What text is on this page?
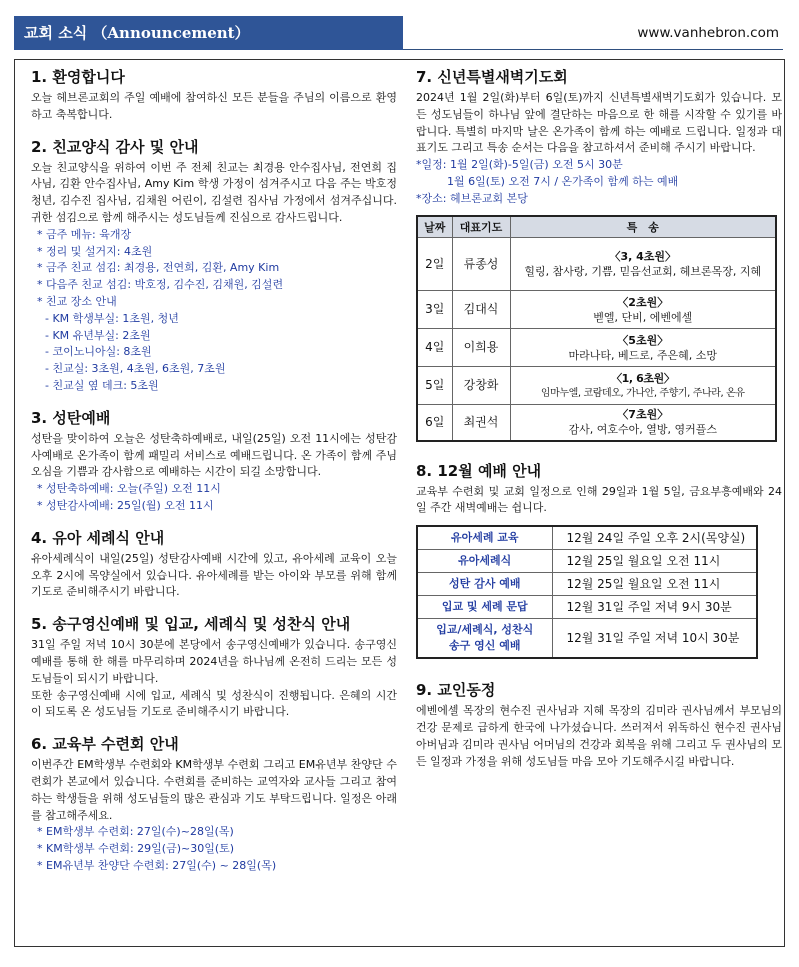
교회 소식 （Announcement）	www.vanhebron.com
1. 환영합니다
오늘 헤브론교회의 주일 예배에 참여하신 모든 분들을 주님의 이름으로 환영하고 축복합니다.
2. 친교양식 감사 및 안내
오늘 친교양식을 위하여 이번 주 전체 친교는 최경용 안수집사님, 전연희 집사님, 김환 안수집사님, Amy Kim 학생 가정이 섬겨주시고 다음 주는 박호정 청년, 김수진 집사님, 김채원 어린이, 김설련 집사님 가정에서 섬겨주십니다. 귀한 섬김으로 함께 해주시는 성도님들께 진심으로 감사드립니다.
* 금주 메뉴: 육개장
* 정리 및 설거지: 4초원
* 금주 친교 섬김: 최경용, 전연희, 김환, Amy Kim
* 다음주 친교 섬김: 박호정, 김수진, 김채원, 김설련
* 친교 장소 안내
- KM 학생부실: 1초원, 청년
- KM 유년부실: 2초원
- 코이노니아실: 8초원
- 친교실: 3초원, 4초원, 6초원, 7초원
- 친교실 옆 데크: 5초원
3. 성탄예배
성탄을 맞이하여 오늘은 성탄축하예배로, 내일(25일) 오전 11시에는 성탄감사예배로 온가족이 함께 패밀리 서비스로 예배드립니다. 온 가족이 함께 주님 오심을 기쁨과 감사함으로 예배하는 시간이 되길 소망합니다.
* 성탄축하예배: 오늘(주일) 오전 11시
* 성탄감사예배: 25일(월) 오전 11시
4. 유아 세례식 안내
유아세례식이 내일(25일) 성탄감사예배 시간에 있고, 유아세례 교육이 오늘 오후 2시에 목양실에서 있습니다. 유아세례를 받는 아이와 부모를 위해 함께 기도로 준비해주시기 바랍니다.
5. 송구영신예배 및 입교, 세례식 및 성찬식 안내
31일 주일 저녁 10시 30분에 본당에서 송구영신예배가 있습니다. 송구영신예배를 통해 한 해를 마무리하며 2024년을 하나님께 온전히 드리는 모든 성도님들이 되시기 바랍니다.
또한 송구영신예배 시에 입교, 세례식 및 성찬식이 진행됩니다. 은혜의 시간이 되도록 온 성도님들 기도로 준비해주시기 바랍니다.
6. 교육부 수련회 안내
이번주간 EM학생부 수련회와 KM학생부 수련회 그리고 EM유년부 찬양단 수련회가 본교에서 있습니다. 수련회를 준비하는 교역자와 교사들 그리고 참여하는 학생들을 위해 성도님들의 많은 관심과 기도 부탁드립니다. 일정은 아래를 참고해주세요.
* EM학생부 수련회: 27일(수)~28일(목)
* KM학생부 수련회: 29일(금)~30일(토)
* EM유년부 찬양단 수련회: 27일(수) ~ 28일(목)
7. 신년특별새벽기도회
2024년 1월 2일(화)부터 6일(토)까지 신년특별새벽기도회가 있습니다. 모든 성도님들이 하나님 앞에 결단하는 마음으로 한 해를 시작할 수 있기를 바랍니다. 특별히 마지막 날은 온가족이 함께 하는 예배로 드립니다. 일정과 대표기도 그리고 특송 순서는 다음을 참고하셔서 준비해 주시기 바랍니다.
*일정: 1월 2일(화)-5일(금) 오전 5시 30분
1월 6일(토) 오전 7시 / 온가족이 함께 하는 예배
*장소: 헤브론교회 본당
날짜	대표기도	특　송
2일	류종성	〈3, 4초원〉
힐링, 참사랑, 기쁨, 믿음선교회, 헤브론목장, 지혜

3일	김대식	〈2초원〉
벧엘, 단비, 에벤에셀

4일	이희용	〈5초원〉
마라나타, 베드로, 주은혜, 소망

5일	강창화	〈1, 6초원〉
임마누엘, 코람데오, 가나안, 주향기, 주나라, 온유

6일	최권석	〈7초원〉
감사, 여호수아, 열방, 영커플스
8. 12월 예배 안내
교육부 수련회 및 교회 일정으로 인해 29일과 1월 5일, 금요부흥예배와 24일 주간 새벽예배는 쉽니다.
유아세례 교육	12월 24일 주일 오후 2시(목양실)
유아세례식	12월 25일 월요일 오전 11시
성탄 감사 예배	12월 25일 월요일 오전 11시
입교 및 세례 문답	12월 31일 주일 저녁 9시 30분

입교/세례식, 성찬식
송구 영신 예배	12월 31일 주일 저녁 10시 30분
9. 교인동정
에벤에셀 목장의 현수진 권사님과 지혜 목장의 김미라 권사님께서 부모님의 건강 문제로 급하게 한국에 나가셨습니다. 쓰러져서 위독하신 현수진 권사님 아버님과 김미라 권사님 어머님의 건강과 회복을 위해 그리고 두 권사님의 모든 일정과 가정을 위해 성도님들 마음 모아 기도해주시길 바랍니다.
